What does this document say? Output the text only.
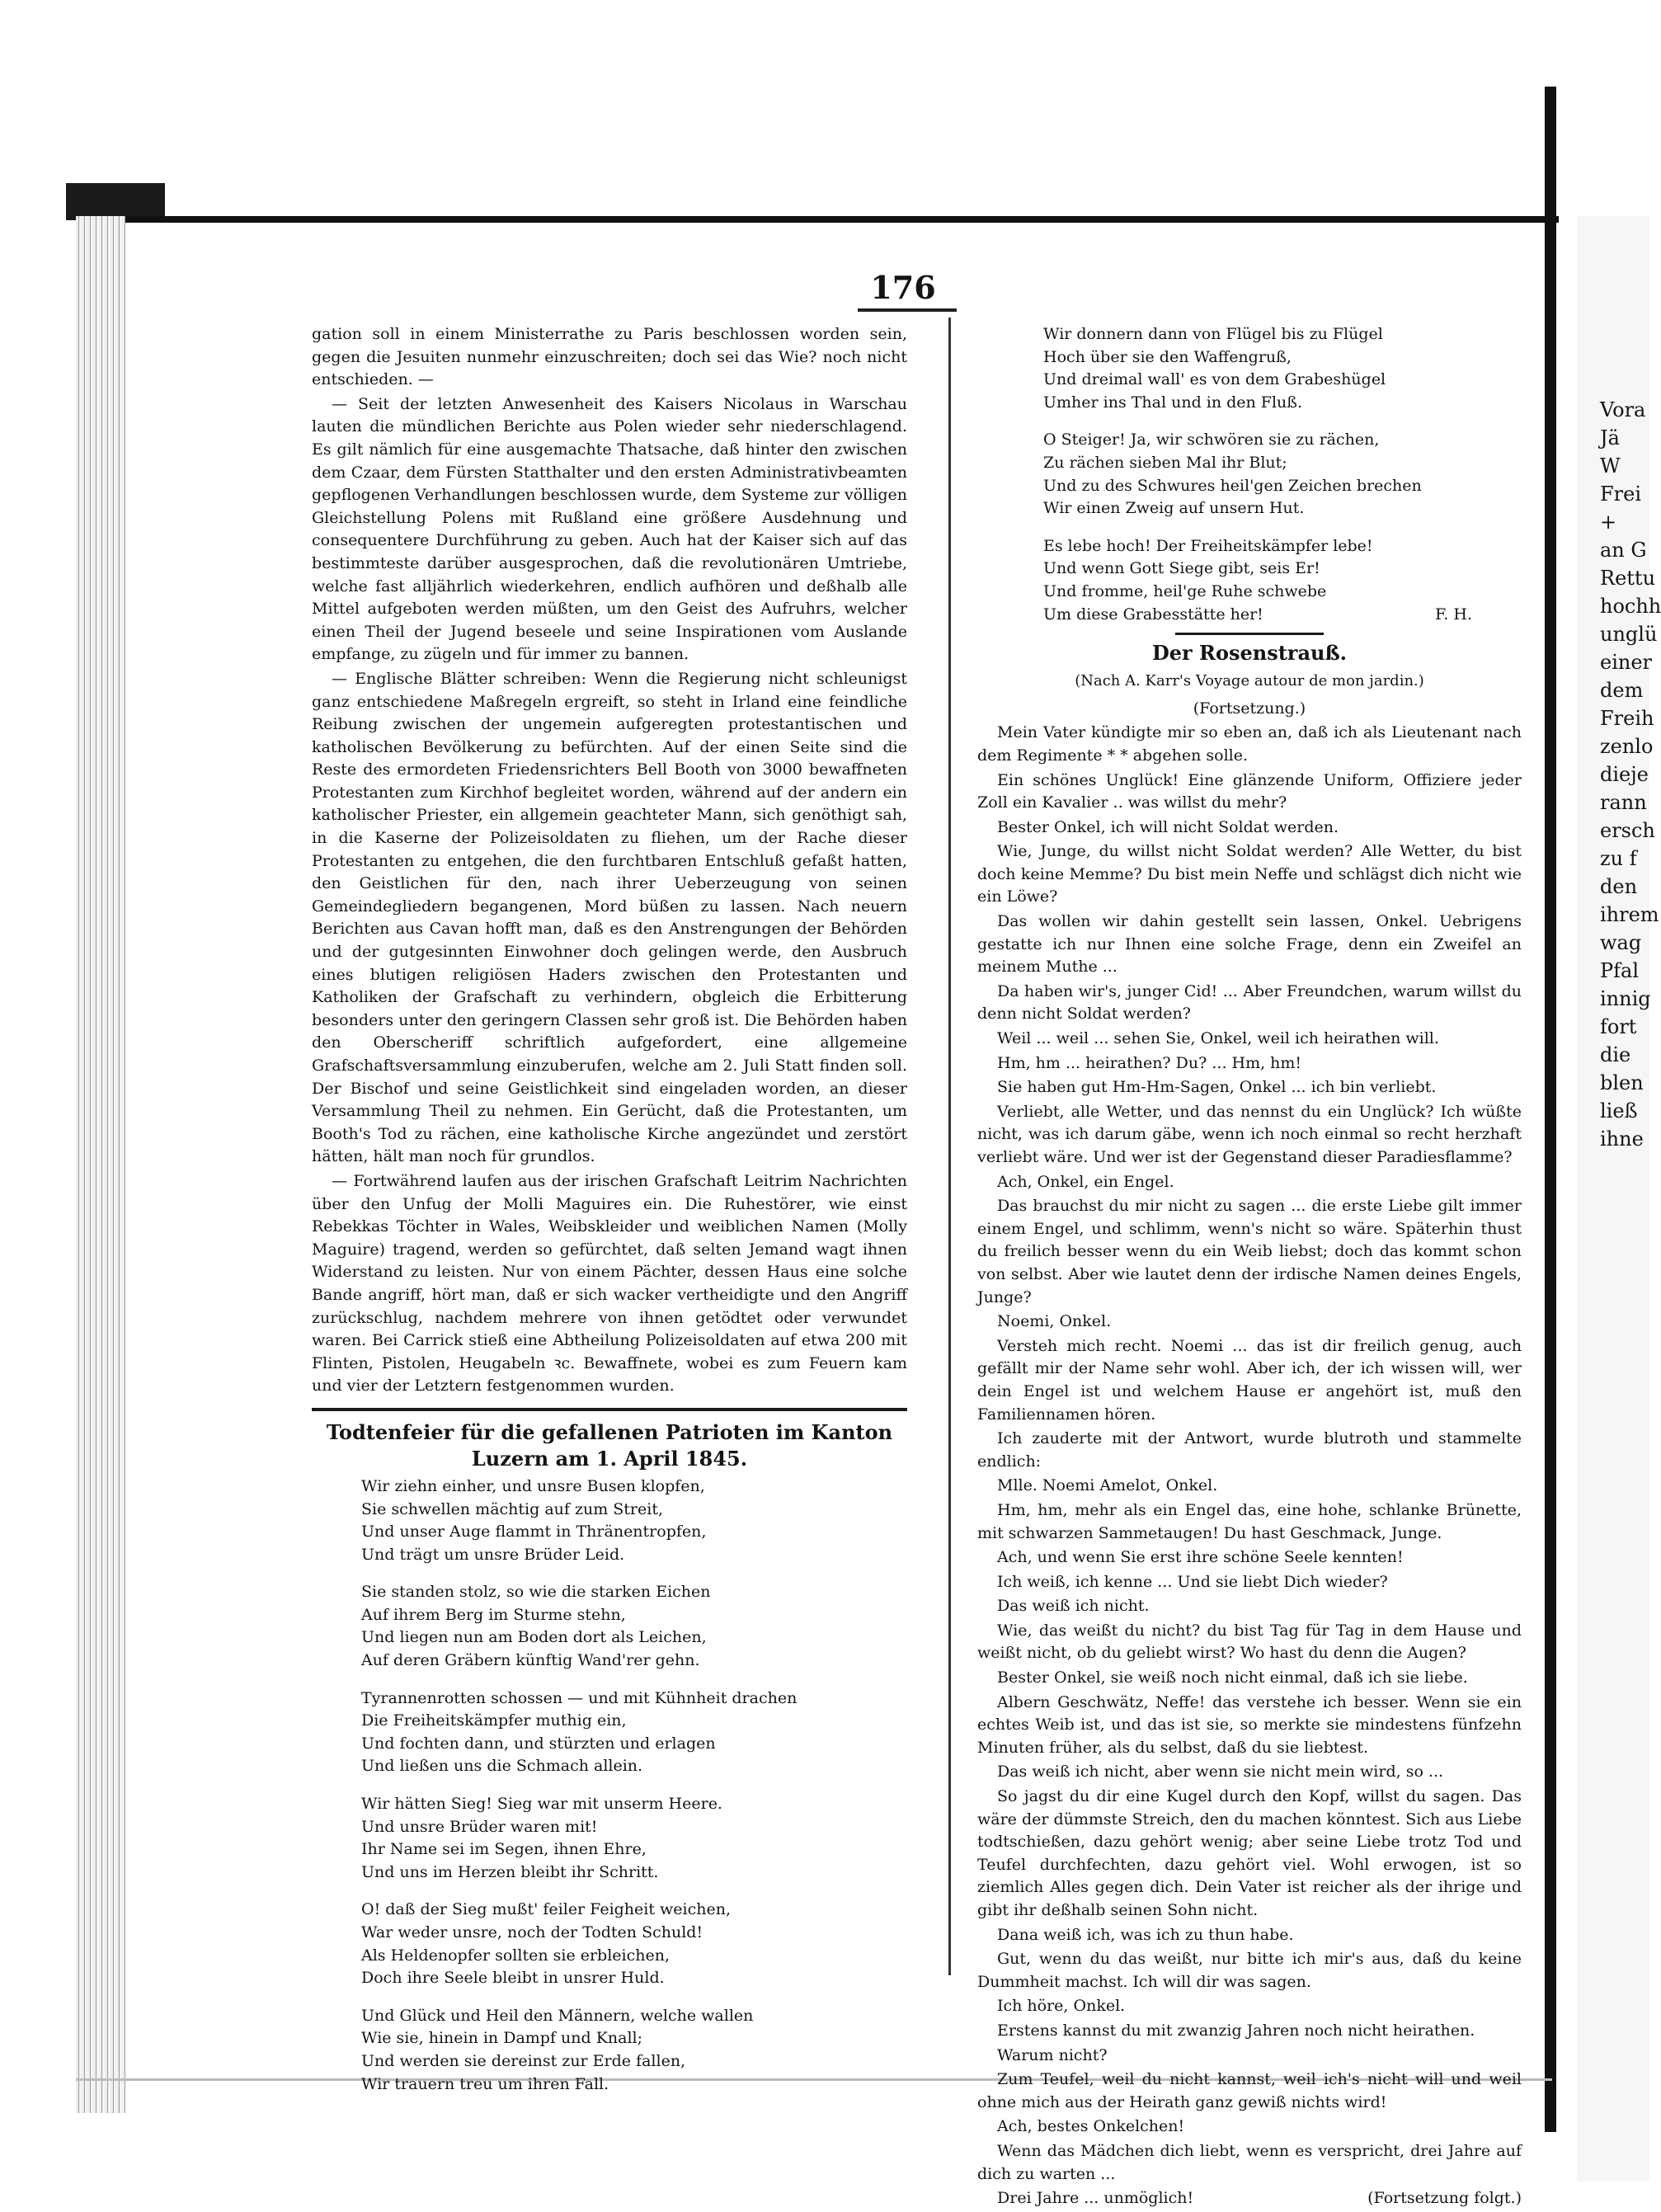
176

gation soll in einem Ministerrathe zu Paris beschlossen worden sein, gegen die Jesuiten nunmehr einzuschreiten; doch sei das Wie? noch nicht entschieden. —

— Seit der letzten Anwesenheit des Kaisers Nicolaus in Warschau lauten die mündlichen Berichte aus Polen wieder sehr niederschlagend. Es gilt nämlich für eine ausgemachte Thatsache, daß hinter den zwischen dem Czaar, dem Fürsten Statthalter und den ersten Administrativbeamten gepflogenen Verhandlungen beschlossen wurde, dem Systeme zur völligen Gleichstellung Polens mit Rußland eine größere Ausdehnung und consequentere Durchführung zu geben. Auch hat der Kaiser sich auf das bestimmteste darüber ausgesprochen, daß die revolutionären Umtriebe, welche fast alljährlich wiederkehren, endlich aufhören und deßhalb alle Mittel aufgeboten werden müßten, um den Geist des Aufruhrs, welcher einen Theil der Jugend beseele und seine Inspirationen vom Auslande empfange, zu zügeln und für immer zu bannen.

— Englische Blätter schreiben: Wenn die Regierung nicht schleunigst ganz entschiedene Maßregeln ergreift, so steht in Irland eine feindliche Reibung zwischen der ungemein aufgeregten protestantischen und katholischen Bevölkerung zu befürchten. Auf der einen Seite sind die Reste des ermordeten Friedensrichters Bell Booth von 3000 bewaffneten Protestanten zum Kirchhof begleitet worden, während auf der andern ein katholischer Priester, ein allgemein geachteter Mann, sich genöthigt sah, in die Kaserne der Polizeisoldaten zu fliehen, um der Rache dieser Protestanten zu entgehen, die den furchtbaren Entschluß gefaßt hatten, den Geistlichen für den, nach ihrer Ueberzeugung von seinen Gemeindegliedern begangenen, Mord büßen zu lassen. Nach neuern Berichten aus Cavan hofft man, daß es den Anstrengungen der Behörden und der gutgesinnten Einwohner doch gelingen werde, den Ausbruch eines blutigen religiösen Haders zwischen den Protestanten und Katholiken der Grafschaft zu verhindern, obgleich die Erbitterung besonders unter den geringern Classen sehr groß ist. Die Behörden haben den Oberscheriff schriftlich aufgefordert, eine allgemeine Grafschaftsversammlung einzuberufen, welche am 2. Juli Statt finden soll. Der Bischof und seine Geistlichkeit sind eingeladen worden, an dieser Versammlung Theil zu nehmen. Ein Gerücht, daß die Protestanten, um Booth's Tod zu rächen, eine katholische Kirche angezündet und zerstört hätten, hält man noch für grundlos.

— Fortwährend laufen aus der irischen Grafschaft Leitrim Nachrichten über den Unfug der Molli Maguires ein. Die Ruhestörer, wie einst Rebekkas Töchter in Wales, Weibskleider und weiblichen Namen (Molly Maguire) tragend, werden so gefürchtet, daß selten Jemand wagt ihnen Widerstand zu leisten. Nur von einem Pächter, dessen Haus eine solche Bande angriff, hört man, daß er sich wacker vertheidigte und den Angriff zurückschlug, nachdem mehrere von ihnen getödtet oder verwundet waren. Bei Carrick stieß eine Abtheilung Polizeisoldaten auf etwa 200 mit Flinten, Pistolen, Heugabeln ꝛc. Bewaffnete, wobei es zum Feuern kam und vier der Letztern festgenommen wurden.

Todtenfeier für die gefallenen Patrioten im Kanton Luzern am 1. April 1845.
Wir ziehn einher, und unsre Busen klopfen,
Sie schwellen mächtig auf zum Streit,
Und unser Auge flammt in Thränentropfen,
Und trägt um unsre Brüder Leid.
Sie standen stolz, so wie die starken Eichen
Auf ihrem Berg im Sturme stehn,
Und liegen nun am Boden dort als Leichen,
Auf deren Gräbern künftig Wand'rer gehn.
Tyrannenrotten schossen — und mit Kühnheit drachen
Die Freiheitskämpfer muthig ein,
Und fochten dann, und stürzten und erlagen
Und ließen uns die Schmach allein.
Wir hätten Sieg! Sieg war mit unserm Heere.
Und unsre Brüder waren mit!
Ihr Name sei im Segen, ihnen Ehre,
Und uns im Herzen bleibt ihr Schritt.
O! daß der Sieg mußt' feiler Feigheit weichen,
War weder unsre, noch der Todten Schuld!
Als Heldenopfer sollten sie erbleichen,
Doch ihre Seele bleibt in unsrer Huld.
Und Glück und Heil den Männern, welche wallen
Wie sie, hinein in Dampf und Knall;
Und werden sie dereinst zur Erde fallen,
Wir trauern treu um ihren Fall.
Wir donnern dann von Flügel bis zu Flügel
Hoch über sie den Waffengruß,
Und dreimal wall' es von dem Grabeshügel
Umher ins Thal und in den Fluß.
O Steiger! Ja, wir schwören sie zu rächen,
Zu rächen sieben Mal ihr Blut;
Und zu des Schwures heil'gen Zeichen brechen
Wir einen Zweig auf unsern Hut.
Es lebe hoch! Der Freiheitskämpfer lebe!
Und wenn Gott Siege gibt, seis Er!
Und fromme, heil'ge Ruhe schwebe
Um diese Grabesstätte her!	F. H.
Der Rosenstrauß.
(Nach A. Karr's Voyage autour de mon jardin.)
(Fortsetzung.)

Mein Vater kündigte mir so eben an, daß ich als Lieutenant nach dem Regimente * * abgehen solle.

Ein schönes Unglück! Eine glänzende Uniform, Offiziere jeder Zoll ein Kavalier .. was willst du mehr?

Bester Onkel, ich will nicht Soldat werden.

Wie, Junge, du willst nicht Soldat werden? Alle Wetter, du bist doch keine Memme? Du bist mein Neffe und schlägst dich nicht wie ein Löwe?

Das wollen wir dahin gestellt sein lassen, Onkel. Uebrigens gestatte ich nur Ihnen eine solche Frage, denn ein Zweifel an meinem Muthe ...

Da haben wir's, junger Cid! ... Aber Freundchen, warum willst du denn nicht Soldat werden?

Weil ... weil ... sehen Sie, Onkel, weil ich heirathen will.

Hm, hm ... heirathen? Du? ... Hm, hm!

Sie haben gut Hm-Hm-Sagen, Onkel ... ich bin verliebt.

Verliebt, alle Wetter, und das nennst du ein Unglück? Ich wüßte nicht, was ich darum gäbe, wenn ich noch einmal so recht herzhaft verliebt wäre. Und wer ist der Gegenstand dieser Paradiesflamme?

Ach, Onkel, ein Engel.

Das brauchst du mir nicht zu sagen ... die erste Liebe gilt immer einem Engel, und schlimm, wenn's nicht so wäre. Späterhin thust du freilich besser wenn du ein Weib liebst; doch das kommt schon von selbst. Aber wie lautet denn der irdische Namen deines Engels, Junge?

Noemi, Onkel.

Versteh mich recht. Noemi ... das ist dir freilich genug, auch gefällt mir der Name sehr wohl. Aber ich, der ich wissen will, wer dein Engel ist und welchem Hause er angehört ist, muß den Familiennamen hören.

Ich zauderte mit der Antwort, wurde blutroth und stammelte endlich:

Mlle. Noemi Amelot, Onkel.

Hm, hm, mehr als ein Engel das, eine hohe, schlanke Brünette, mit schwarzen Sammetaugen! Du hast Geschmack, Junge.

Ach, und wenn Sie erst ihre schöne Seele kennten!

Ich weiß, ich kenne ... Und sie liebt Dich wieder?

Das weiß ich nicht.

Wie, das weißt du nicht? du bist Tag für Tag in dem Hause und weißt nicht, ob du geliebt wirst? Wo hast du denn die Augen?

Bester Onkel, sie weiß noch nicht einmal, daß ich sie liebe.

Albern Geschwätz, Neffe! das verstehe ich besser. Wenn sie ein echtes Weib ist, und das ist sie, so merkte sie mindestens fünfzehn Minuten früher, als du selbst, daß du sie liebtest.

Das weiß ich nicht, aber wenn sie nicht mein wird, so ...

So jagst du dir eine Kugel durch den Kopf, willst du sagen. Das wäre der dümmste Streich, den du machen könntest. Sich aus Liebe todtschießen, dazu gehört wenig; aber seine Liebe trotz Tod und Teufel durchfechten, dazu gehört viel. Wohl erwogen, ist so ziemlich Alles gegen dich. Dein Vater ist reicher als der ihrige und gibt ihr deßhalb seinen Sohn nicht.

Dana weiß ich, was ich zu thun habe.

Gut, wenn du das weißt, nur bitte ich mir's aus, daß du keine Dummheit machst. Ich will dir was sagen.

Ich höre, Onkel.

Erstens kannst du mit zwanzig Jahren noch nicht heirathen.

Warum nicht?

Zum Teufel, weil du nicht kannst, weil ich's nicht will und weil ohne mich aus der Heirath ganz gewiß nichts wird!

Ach, bestes Onkelchen!

Wenn das Mädchen dich liebt, wenn es verspricht, drei Jahre auf dich zu warten ...

Drei Jahre ... unmöglich!	(Fortsetzung folgt.)

Vora
Jä
W
Frei
+
an G
Rettu
hochh
unglü
einer
dem
Freih
zenlo
dieje
rann
ersch
zu f
den
ihrem
wag
Pfal
innig
fort
die
blen
ließ
ihne
